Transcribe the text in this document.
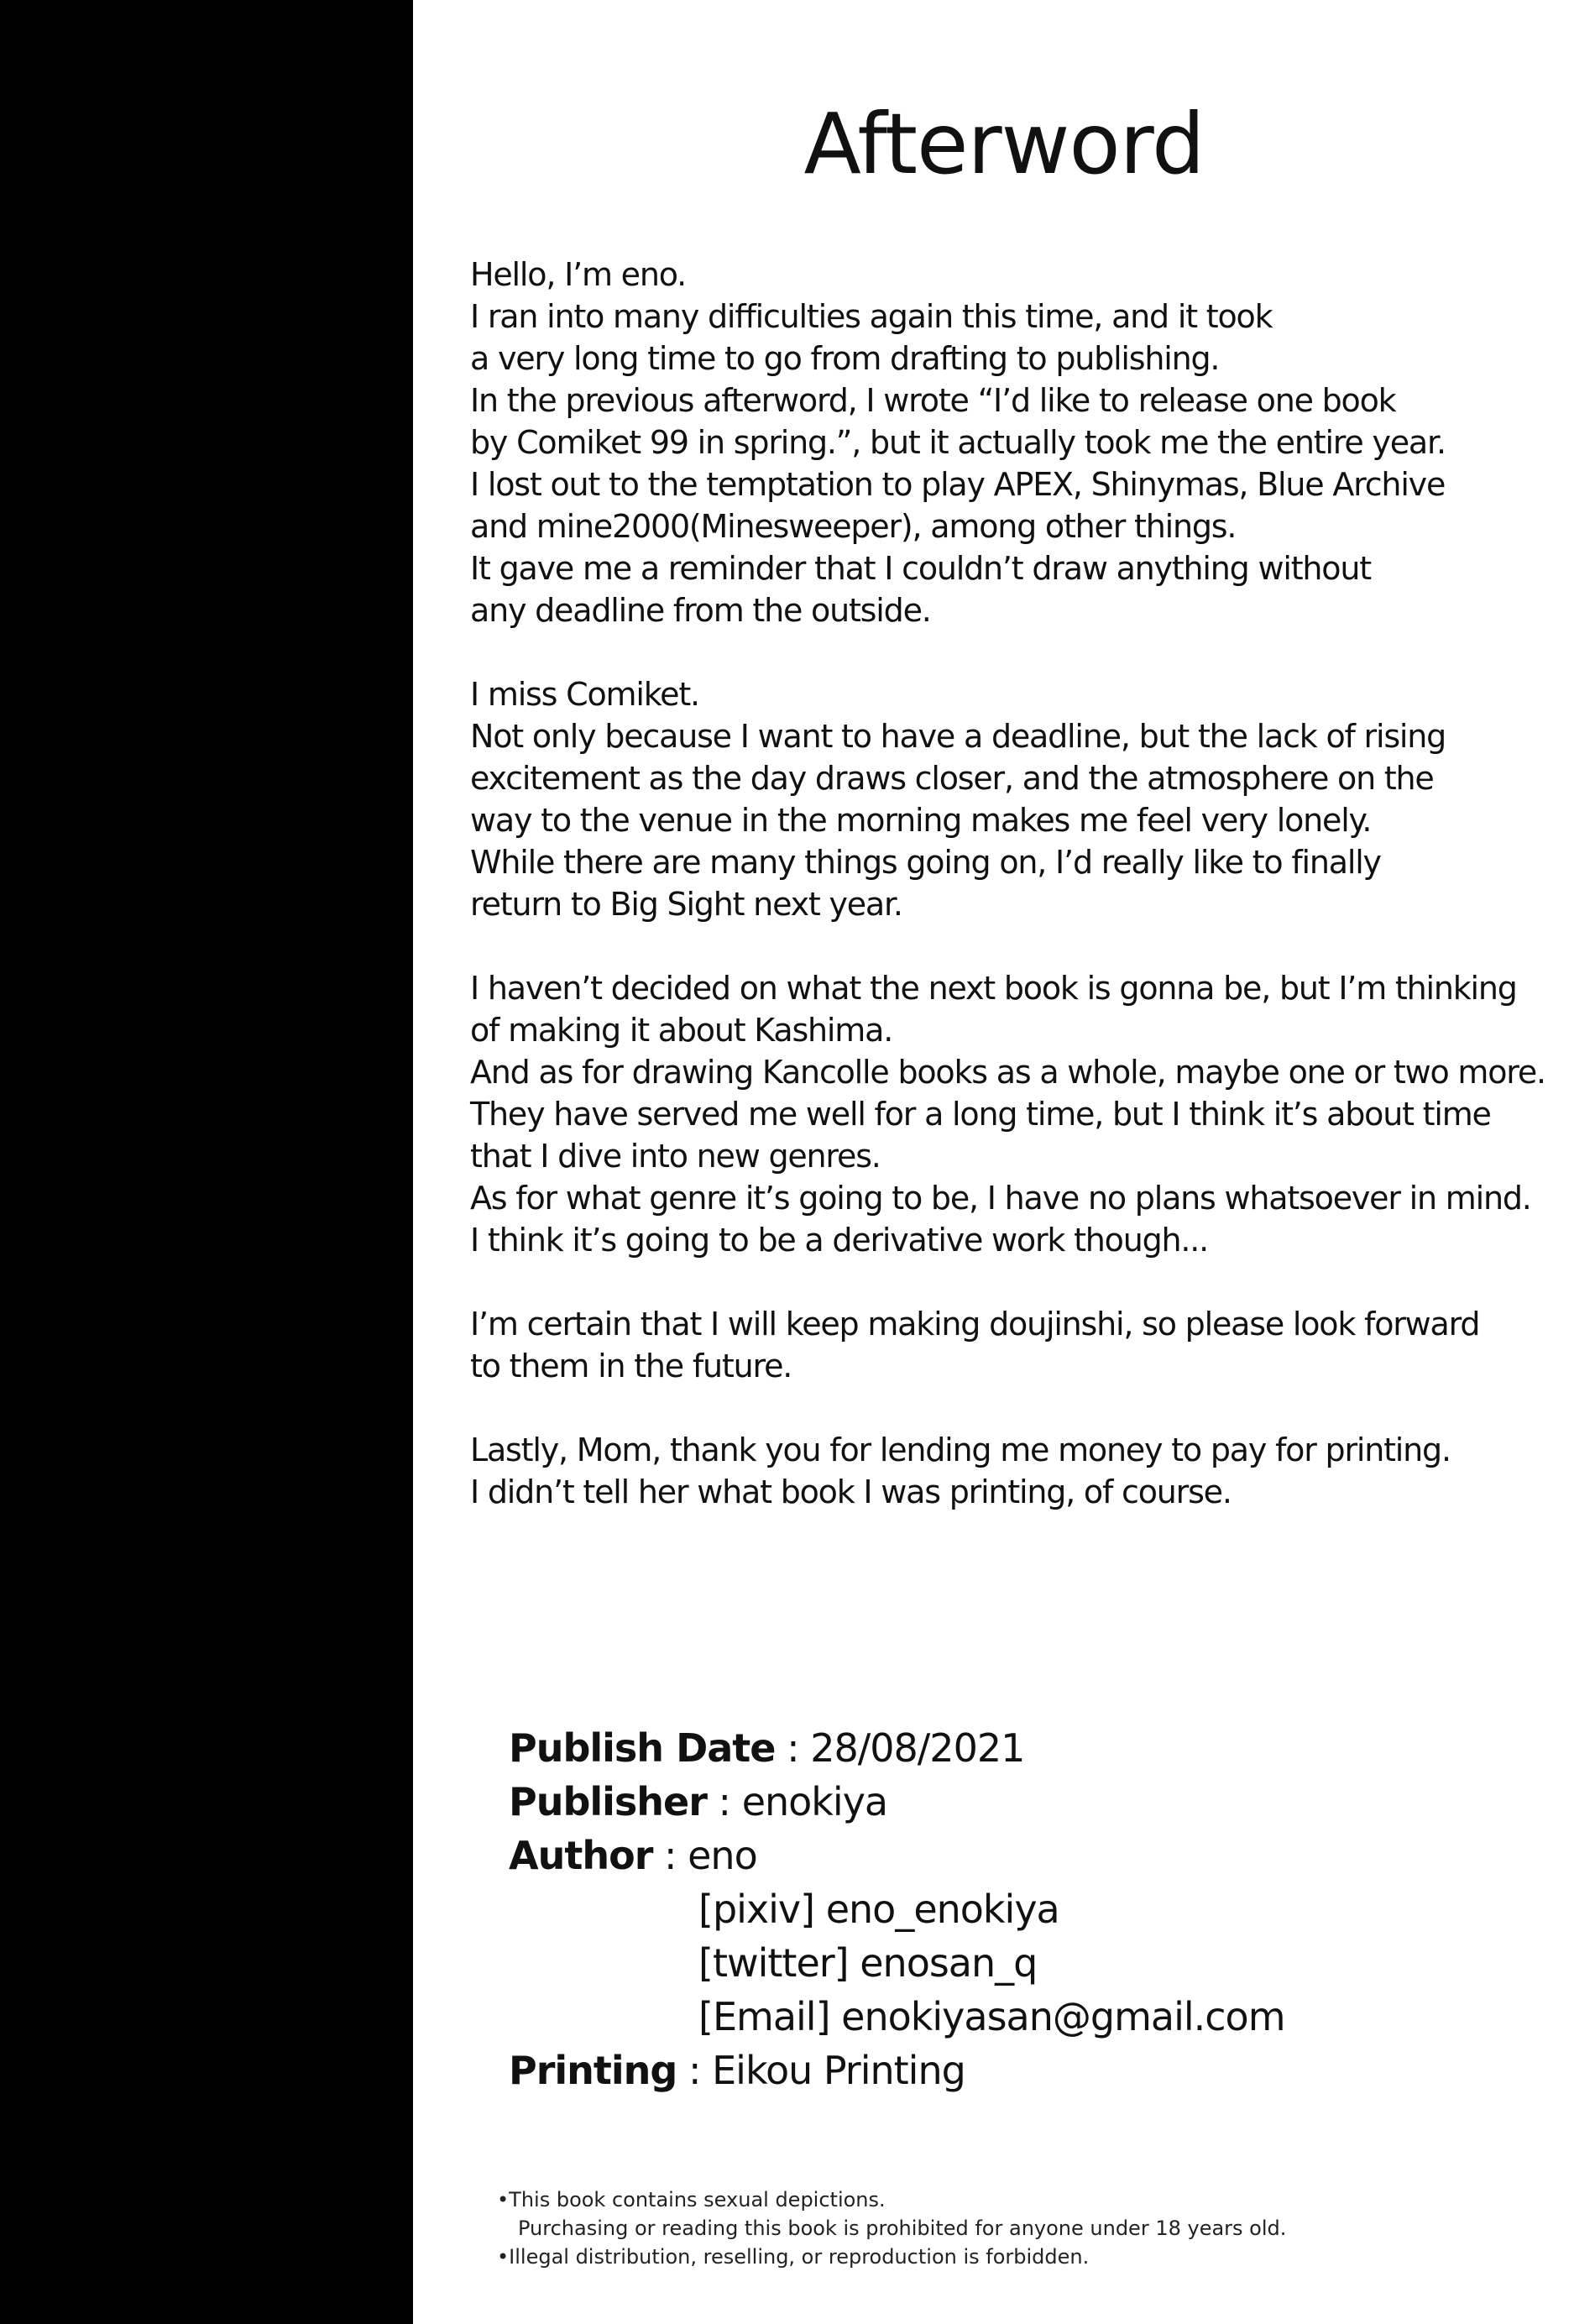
Afterword
Hello, I’m eno.
I ran into many difficulties again this time, and it took
a very long time to go from drafting to publishing.
In the previous afterword, I wrote “I’d like to release one book
by Comiket 99 in spring.”, but it actually took me the entire year.
I lost out to the temptation to play APEX, Shinymas, Blue Archive
and mine2000(Minesweeper), among other things.
It gave me a reminder that I couldn’t draw anything without
any deadline from the outside.
I miss Comiket.
Not only because I want to have a deadline, but the lack of rising
excitement as the day draws closer, and the atmosphere on the
way to the venue in the morning makes me feel very lonely.
While there are many things going on, I’d really like to finally
return to Big Sight next year.
I haven’t decided on what the next book is gonna be, but I’m thinking
of making it about Kashima.
And as for drawing Kancolle books as a whole, maybe one or two more.
They have served me well for a long time, but I think it’s about time
that I dive into new genres.
As for what genre it’s going to be, I have no plans whatsoever in mind.
I think it’s going to be a derivative work though...
I’m certain that I will keep making doujinshi, so please look forward
to them in the future.
Lastly, Mom, thank you for lending me money to pay for printing.
I didn’t tell her what book I was printing, of course.
Publish Date : 28/08/2021
Publisher : enokiya
Author : eno
[pixiv] eno_enokiya
[twitter] enosan_q
[Email] enokiyasan@gmail.com
Printing : Eikou Printing
•This book contains sexual depictions.
Purchasing or reading this book is prohibited for anyone under 18 years old.
•Illegal distribution, reselling, or reproduction is forbidden.
